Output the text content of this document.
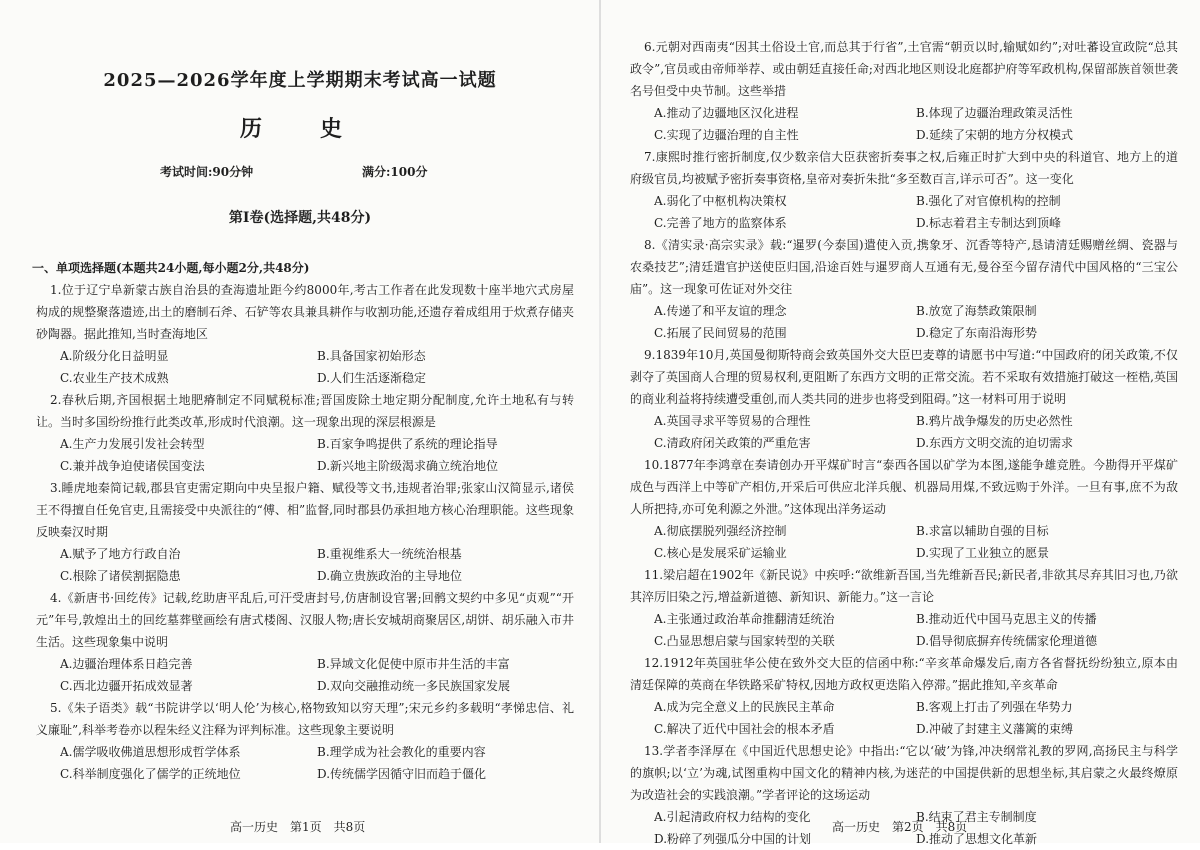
2025—2026学年度上学期期末考试高一试题
历　史
考试时间:90分钟	满分:100分
第Ⅰ卷(选择题,共48分)
一、单项选择题(本题共24小题,每小题2分,共48分)
1.位于辽宁阜新蒙古族自治县的查海遗址距今约8000年,考古工作者在此发现数十座半地穴式房屋构成的规整聚落遗迹,出土的磨制石斧、石铲等农具兼具耕作与收割功能,还遗存着成组用于炊煮存储夹砂陶器。据此推知,当时查海地区
A.阶级分化日益明显	B.具备国家初始形态
C.农业生产技术成熟	D.人们生活逐渐稳定
2.春秋后期,齐国根据土地肥瘠制定不同赋税标准;晋国废除土地定期分配制度,允许土地私有与转让。当时多国纷纷推行此类改革,形成时代浪潮。这一现象出现的深层根源是
A.生产力发展引发社会转型	B.百家争鸣提供了系统的理论指导
C.兼并战争迫使诸侯国变法	D.新兴地主阶级渴求确立统治地位
3.睡虎地秦简记载,郡县官吏需定期向中央呈报户籍、赋役等文书,违规者治罪;张家山汉简显示,诸侯王不得擅自任免官吏,且需接受中央派往的“傅、相”监督,同时郡县仍承担地方核心治理职能。这些现象反映秦汉时期
A.赋予了地方行政自治	B.重视维系大一统统治根基
C.根除了诸侯割据隐患	D.确立贵族政治的主导地位
4.《新唐书·回纥传》记载,纥助唐平乱后,可汗受唐封号,仿唐制设官署;回鹘文契约中多见“贞观”“开元”年号,敦煌出土的回纥墓葬壁画绘有唐式楼阁、汉服人物;唐长安城胡商聚居区,胡饼、胡乐融入市井生活。这些现象集中说明
A.边疆治理体系日趋完善	B.异域文化促使中原市井生活的丰富
C.西北边疆开拓成效显著	D.双向交融推动统一多民族国家发展
5.《朱子语类》载“书院讲学以‘明人伦’为核心,格物致知以穷天理”;宋元乡约多载明“孝悌忠信、礼义廉耻”,科举考卷亦以程朱经义注释为评判标准。这些现象主要说明
A.儒学吸收佛道思想形成哲学体系	B.理学成为社会教化的重要内容
C.科举制度强化了儒学的正统地位	D.传统儒学因循守旧而趋于僵化
高一历史　第1页　共8页
6.元朝对西南夷“因其土俗设土官,而总其于行省”,土官需“朝贡以时,输赋如约”;对吐蕃设宣政院“总其政令”,官员或由帝师举荐、或由朝廷直接任命;对西北地区则设北庭都护府等军政机构,保留部族首领世袭名号但受中央节制。这些举措
A.推动了边疆地区汉化进程	B.体现了边疆治理政策灵活性
C.实现了边疆治理的自主性	D.延续了宋朝的地方分权模式
7.康熙时推行密折制度,仅少数亲信大臣获密折奏事之权,后雍正时扩大到中央的科道官、地方上的道府级官员,均被赋予密折奏事资格,皇帝对奏折朱批“多至数百言,详示可否”。这一变化
A.弱化了中枢机构决策权	B.强化了对官僚机构的控制
C.完善了地方的监察体系	D.标志着君主专制达到顶峰
8.《清实录·高宗实录》载:“暹罗(今泰国)遣使入贡,携象牙、沉香等特产,恳请清廷赐赠丝绸、瓷器与农桑技艺”;清廷遣官护送使臣归国,沿途百姓与暹罗商人互通有无,曼谷至今留存清代中国风格的“三宝公庙”。这一现象可佐证对外交往
A.传递了和平友谊的理念	B.放宽了海禁政策限制
C.拓展了民间贸易的范围	D.稳定了东南沿海形势
9.1839年10月,英国曼彻斯特商会致英国外交大臣巴麦尊的请愿书中写道:“中国政府的闭关政策,不仅剥夺了英国商人合理的贸易权利,更阻断了东西方文明的正常交流。若不采取有效措施打破这一桎梏,英国的商业利益将持续遭受重创,而人类共同的进步也将受到阻碍。”这一材料可用于说明
A.英国寻求平等贸易的合理性	B.鸦片战争爆发的历史必然性
C.清政府闭关政策的严重危害	D.东西方文明交流的迫切需求
10.1877年李鸿章在奏请创办开平煤矿时言“泰西各国以矿学为本图,遂能争雄竞胜。今勘得开平煤矿成色与西洋上中等矿产相仿,开采后可供应北洋兵舰、机器局用煤,不致远购于外洋。一旦有事,庶不为敌人所把持,亦可免利源之外泄。”这体现出洋务运动
A.彻底摆脱列强经济控制	B.求富以辅助自强的目标
C.核心是发展采矿运输业	D.实现了工业独立的愿景
11.梁启超在1902年《新民说》中疾呼:“欲维新吾国,当先维新吾民;新民者,非欲其尽弃其旧习也,乃欲其淬厉旧染之污,增益新道德、新知识、新能力。”这一言论
A.主张通过政治革命推翻清廷统治	B.推动近代中国马克思主义的传播
C.凸显思想启蒙与国家转型的关联	D.倡导彻底摒弃传统儒家伦理道德
12.1912年英国驻华公使在致外交大臣的信函中称:“辛亥革命爆发后,南方各省督抚纷纷独立,原本由清廷保障的英商在华铁路采矿特权,因地方政权更迭陷入停滞。”据此推知,辛亥革命
A.成为完全意义上的民族民主革命	B.客观上打击了列强在华势力
C.解决了近代中国社会的根本矛盾	D.冲破了封建主义藩篱的束缚
13.学者李泽厚在《中国近代思想史论》中指出:“它以‘破’为锋,冲决纲常礼教的罗网,高扬民主与科学的旗帜;以‘立’为魂,试图重构中国文化的精神内核,为迷茫的中国提供新的思想坐标,其启蒙之火最终燎原为改造社会的实践浪潮。”学者评论的这场运动
A.引起清政府权力结构的变化	B.结束了君主专制制度
D.粉碎了列强瓜分中国的计划	D.推动了思想文化革新
高一历史　第2页　共8页
